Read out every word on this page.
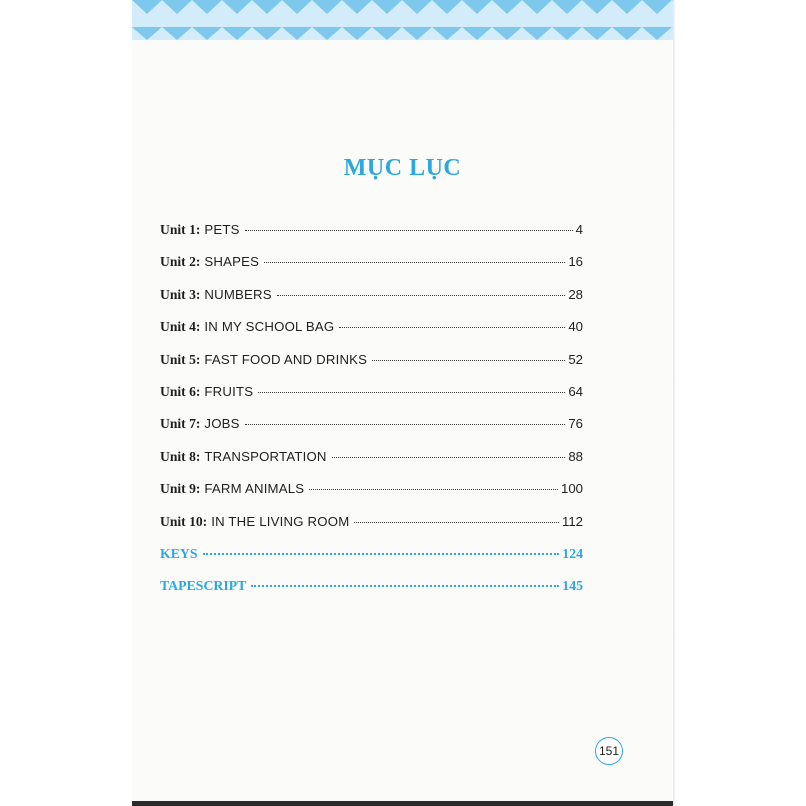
MỤC LỤC
Unit 1: PETS	4
Unit 2: SHAPES	16
Unit 3: NUMBERS	28
Unit 4: IN MY SCHOOL BAG	40
Unit 5: FAST FOOD AND DRINKS	52
Unit 6: FRUITS	64
Unit 7: JOBS	76
Unit 8: TRANSPORTATION	88
Unit 9: FARM ANIMALS	100
Unit 10: IN THE LIVING ROOM	112
KEYS	124
TAPESCRIPT	145
151
